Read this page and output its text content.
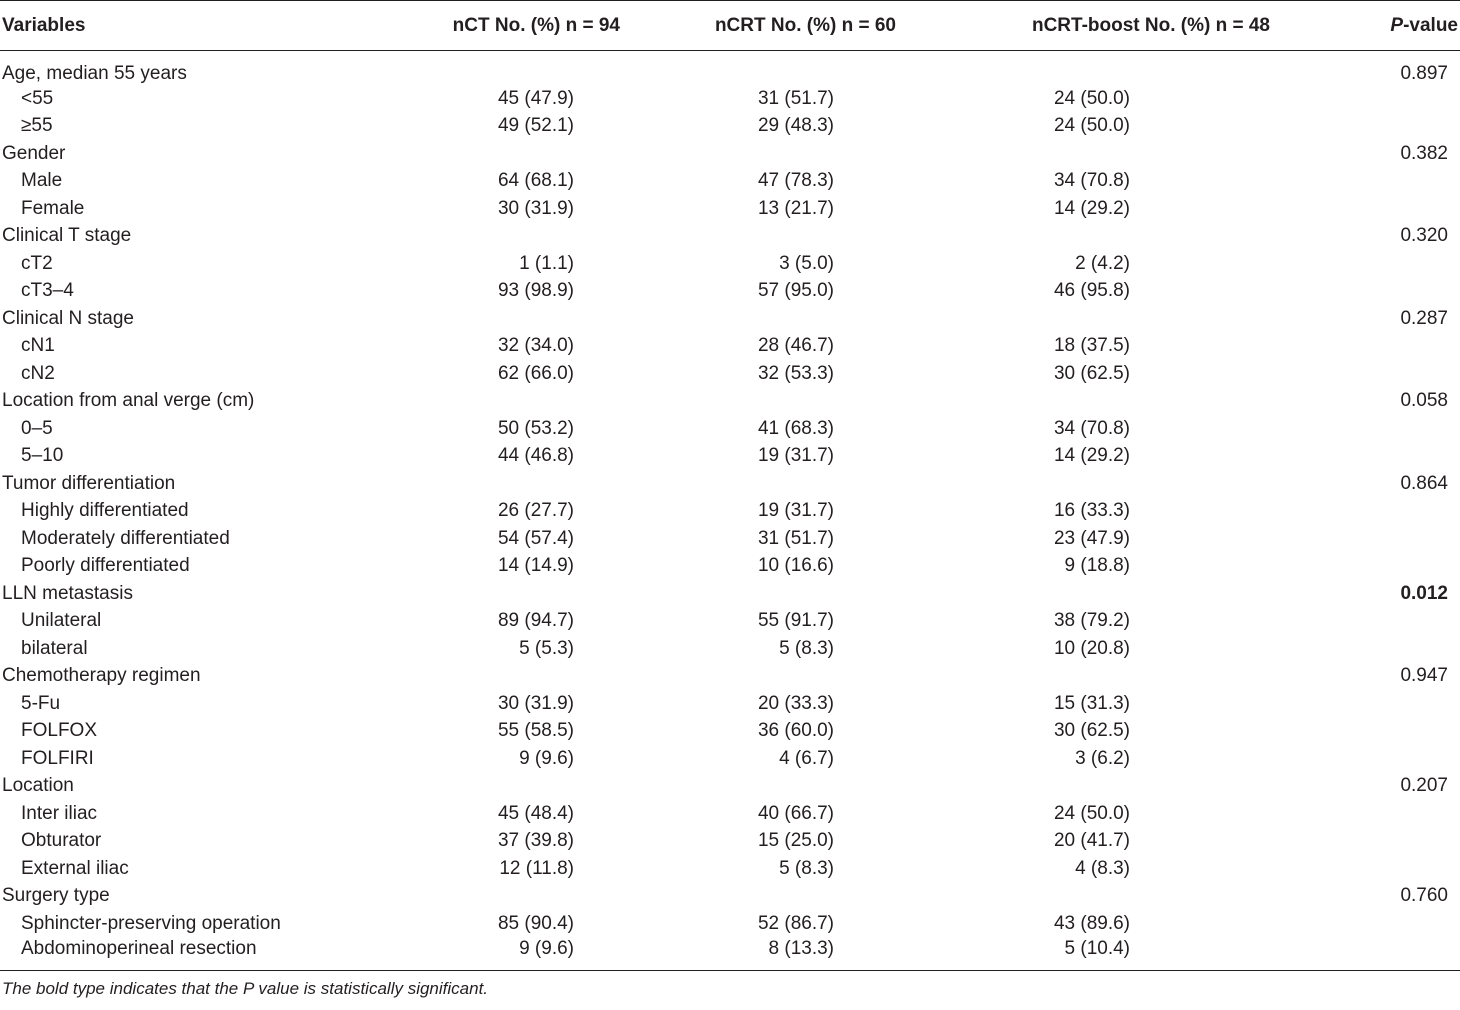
Variables	nCT No. (%) n = 94	nCRT No. (%) n = 60	nCRT-boost No. (%) n = 48	P-value
Age, median 55 years				0.897
<55	45 (47.9)	31 (51.7)	24 (50.0)	
≥55	49 (52.1)	29 (48.3)	24 (50.0)	
Gender				0.382
Male	64 (68.1)	47 (78.3)	34 (70.8)	
Female	30 (31.9)	13 (21.7)	14 (29.2)	
Clinical T stage				0.320
cT2	1 (1.1)	3 (5.0)	2 (4.2)	
cT3–4	93 (98.9)	57 (95.0)	46 (95.8)	
Clinical N stage				0.287
cN1	32 (34.0)	28 (46.7)	18 (37.5)	
cN2	62 (66.0)	32 (53.3)	30 (62.5)	
Location from anal verge (cm)				0.058
0–5	50 (53.2)	41 (68.3)	34 (70.8)	
5–10	44 (46.8)	19 (31.7)	14 (29.2)	
Tumor differentiation				0.864
Highly differentiated	26 (27.7)	19 (31.7)	16 (33.3)	
Moderately differentiated	54 (57.4)	31 (51.7)	23 (47.9)	
Poorly differentiated	14 (14.9)	10 (16.6)	9 (18.8)	
LLN metastasis				0.012
Unilateral	89 (94.7)	55 (91.7)	38 (79.2)	
bilateral	5 (5.3)	5 (8.3)	10 (20.8)	
Chemotherapy regimen				0.947
5-Fu	30 (31.9)	20 (33.3)	15 (31.3)	
FOLFOX	55 (58.5)	36 (60.0)	30 (62.5)	
FOLFIRI	9 (9.6)	4 (6.7)	3 (6.2)	
Location				0.207
Inter iliac	45 (48.4)	40 (66.7)	24 (50.0)	
Obturator	37 (39.8)	15 (25.0)	20 (41.7)	
External iliac	12 (11.8)	5 (8.3)	4 (8.3)	
Surgery type				0.760
Sphincter-preserving operation	85 (90.4)	52 (86.7)	43 (89.6)	
Abdominoperineal resection	9 (9.6)	8 (13.3)	5 (10.4)	
The bold type indicates that the P value is statistically significant.
